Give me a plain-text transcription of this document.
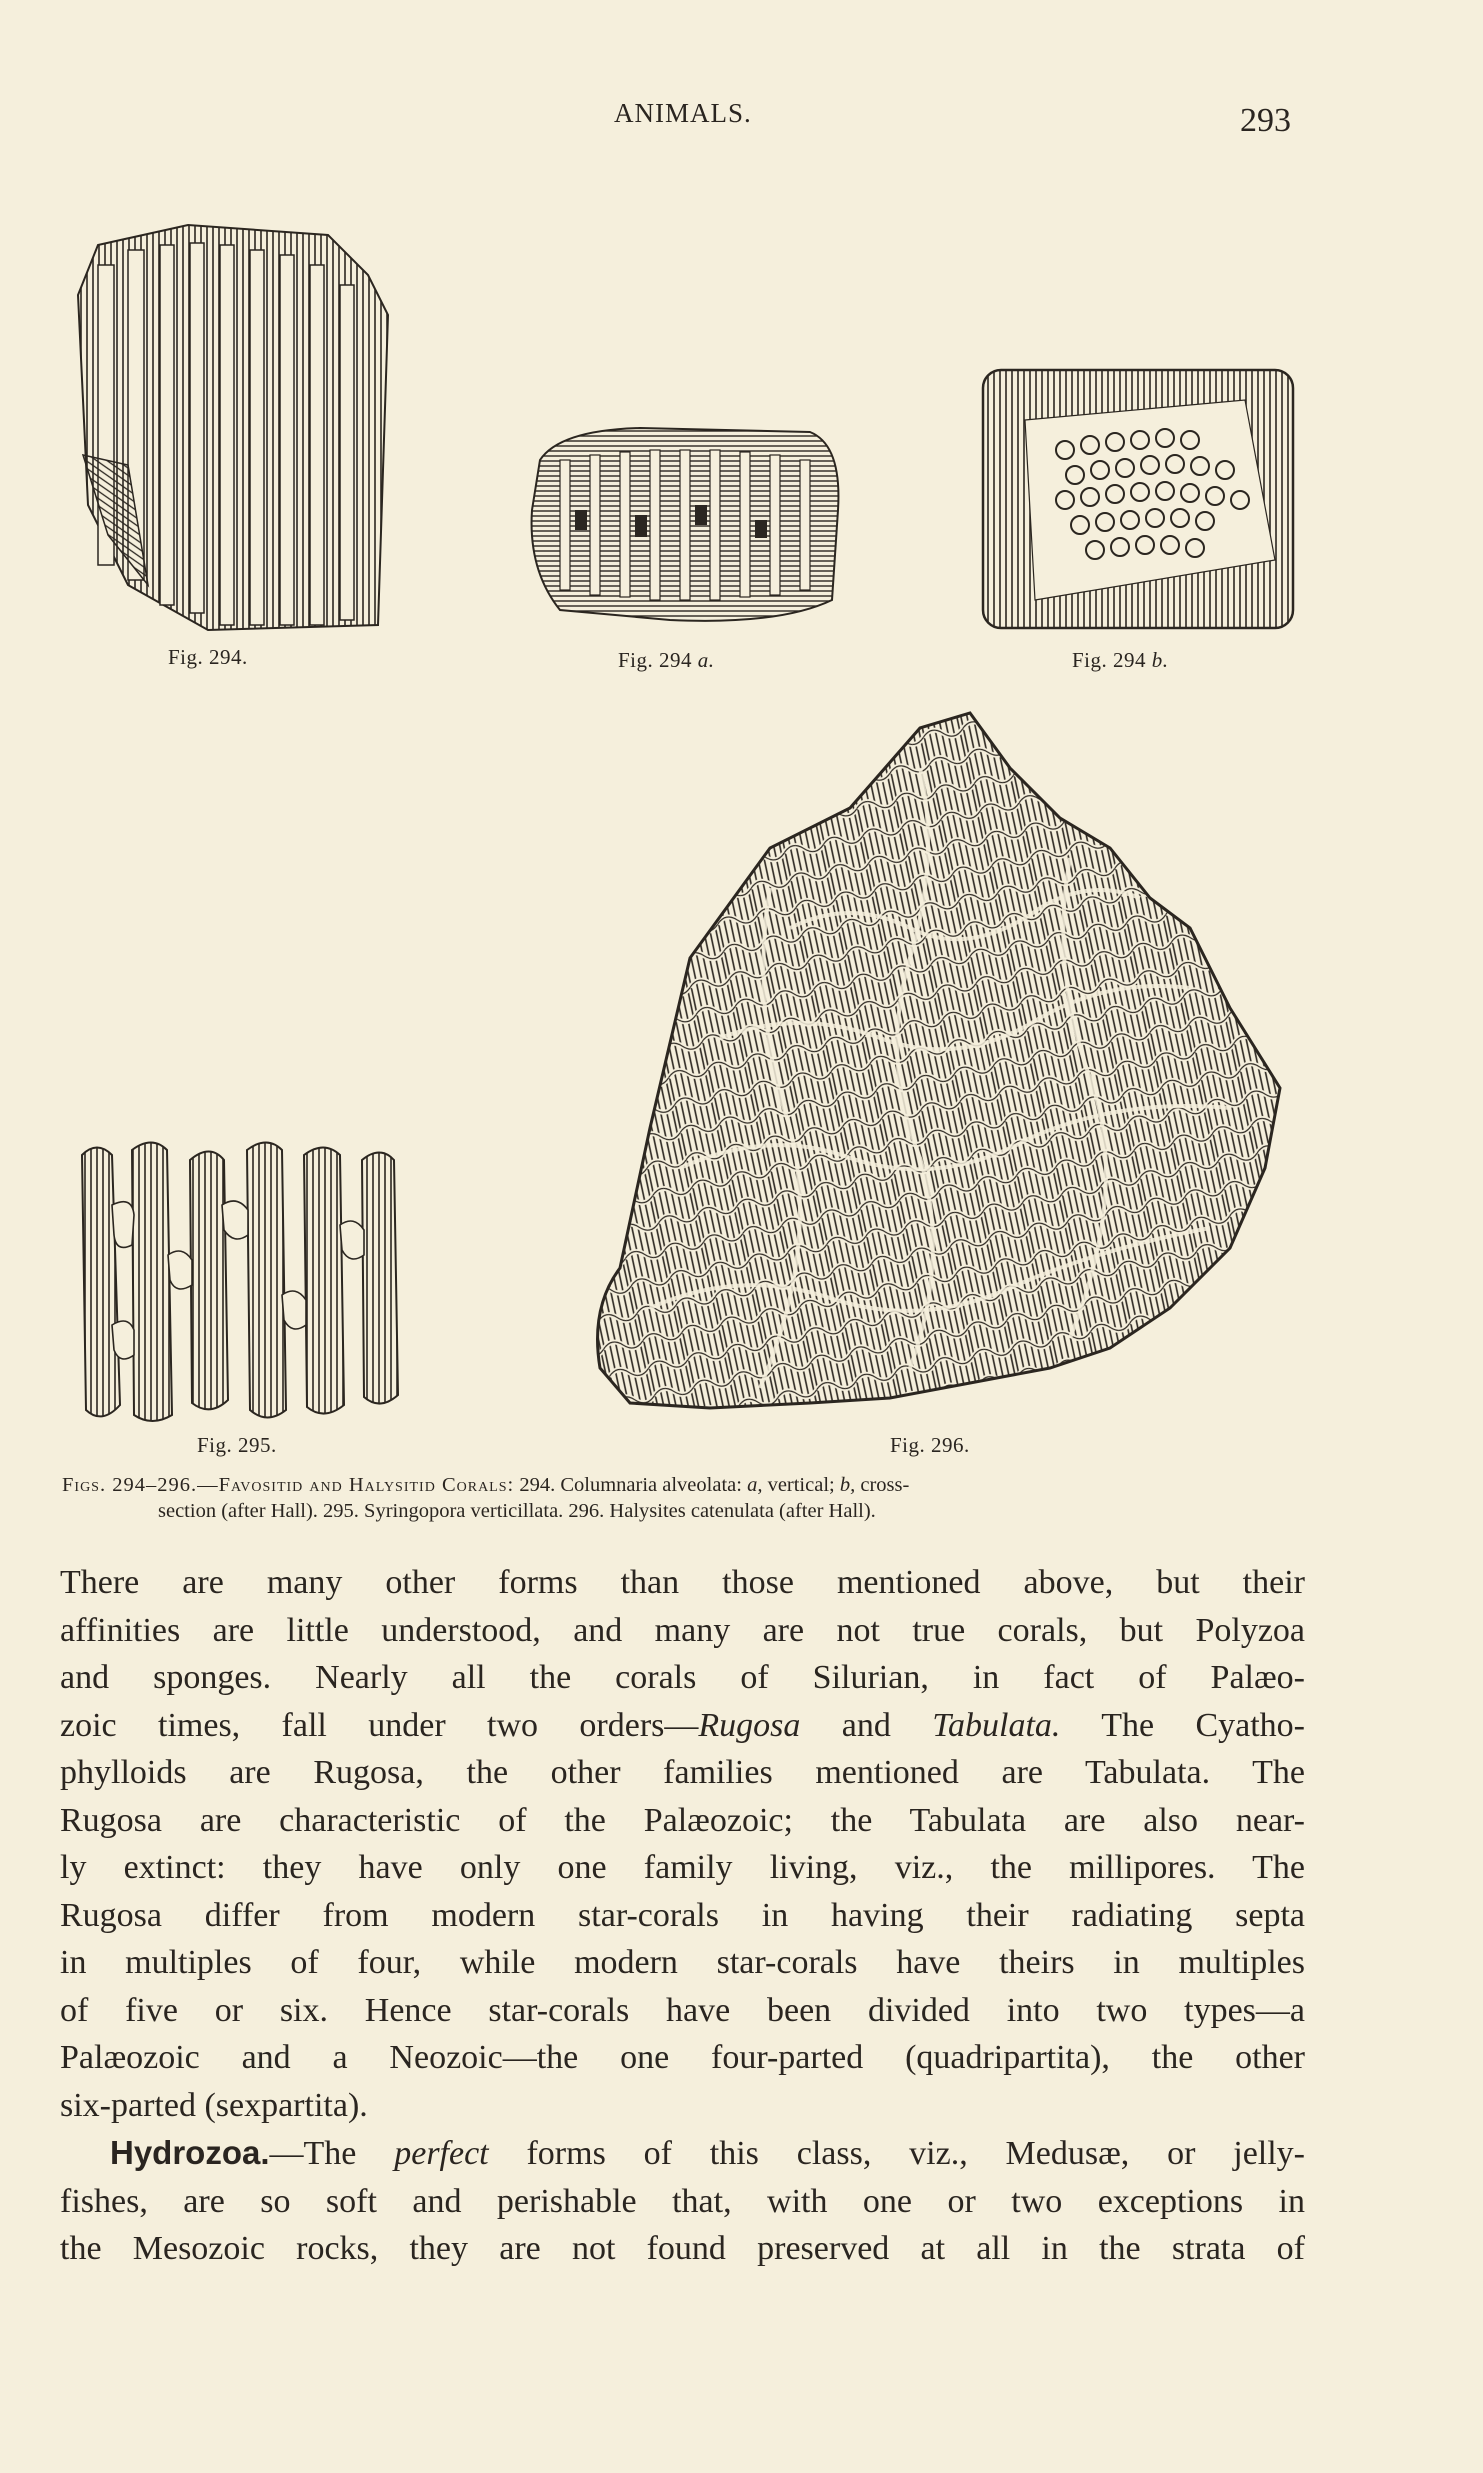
ANIMALS.	293
Fig. 294.	Fig. 294 a.	Fig. 294 b.
Fig. 295.	Fig. 296.
Figs. 294–296.—Favositid and Halysitid Corals: 294. Columnaria alveolata: a, vertical; b, cross-
section (after Hall). 295. Syringopora verticillata. 296. Halysites catenulata (after Hall).

There are many other forms than those mentioned above, but their

affinities are little understood, and many are not true corals, but Polyzoa

and sponges. Nearly all the corals of Silurian, in fact of Palæo-

zoic times, fall under two orders—Rugosa and Tabulata. The Cyatho-

phylloids are Rugosa, the other families mentioned are Tabulata. The

Rugosa are characteristic of the Palæozoic; the Tabulata are also near-

ly extinct: they have only one family living, viz., the millipores. The

Rugosa differ from modern star-corals in having their radiating septa

in multiples of four, while modern star-corals have theirs in multiples

of five or six. Hence star-corals have been divided into two types—a

Palæozoic and a Neozoic—the one four-parted (quadripartita), the other

six-parted (sexpartita).

Hydrozoa.—The perfect forms of this class, viz., Medusæ, or jelly-

fishes, are so soft and perishable that, with one or two exceptions in

the Mesozoic rocks, they are not found preserved at all in the strata of
